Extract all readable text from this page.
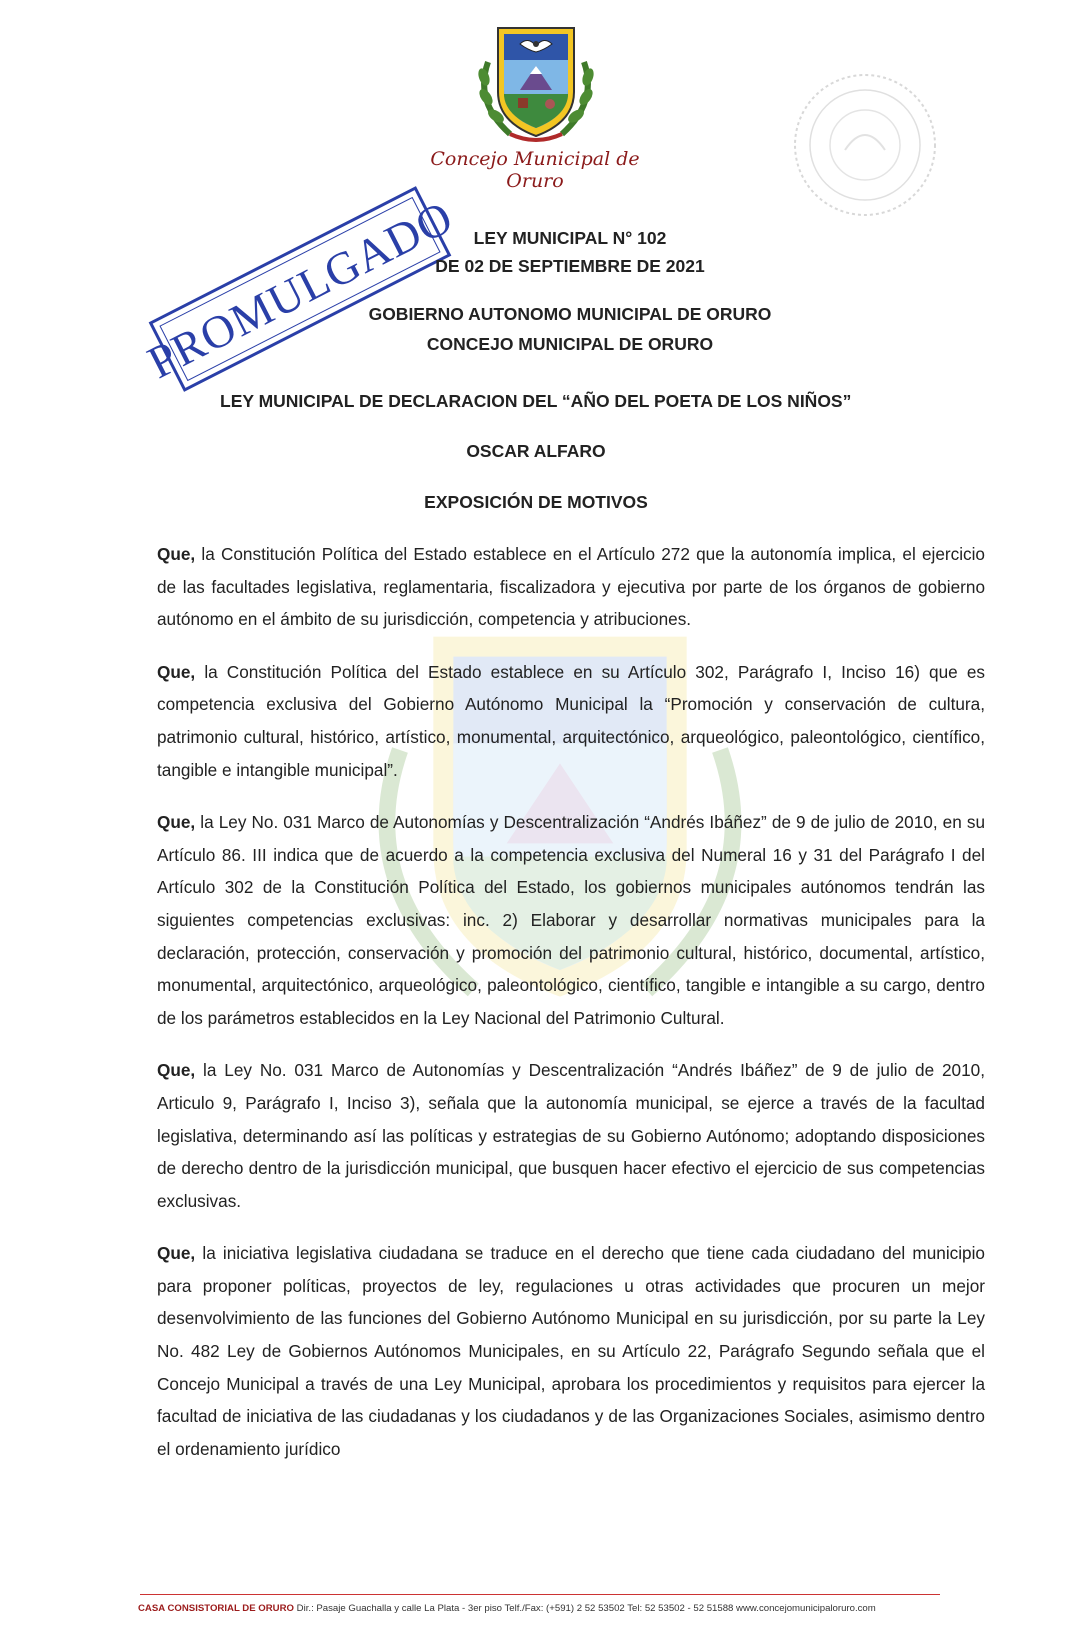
Concejo Municipal de Oruro
PROMULGADO LEY MUNICIPAL N° 102
DE 02 DE SEPTIEMBRE DE 2021
GOBIERNO AUTONOMO MUNICIPAL DE ORURO
CONCEJO MUNICIPAL DE ORURO
LEY MUNICIPAL DE DECLARACION DEL “AÑO DEL POETA DE LOS NIÑOS”
OSCAR ALFARO
EXPOSICIÓN DE MOTIVOS

Que, la Constitución Política del Estado establece en el Artículo 272 que la autonomía implica, el ejercicio de las facultades legislativa, reglamentaria, fiscalizadora y ejecutiva por parte de los órganos de gobierno autónomo en el ámbito de su jurisdicción, competencia y atribuciones.

Que, la Constitución Política del Estado establece en su Artículo 302, Parágrafo I, Inciso 16) que es competencia exclusiva del Gobierno Autónomo Municipal la “Promoción y conservación de cultura, patrimonio cultural, histórico, artístico, monumental, arquitectónico, arqueológico, paleontológico, científico, tangible e intangible municipal”.

Que, la Ley No. 031 Marco de Autonomías y Descentralización “Andrés Ibáñez” de 9 de julio de 2010, en su Artículo 86. III indica que de acuerdo a la competencia exclusiva del Numeral 16 y 31 del Parágrafo I del Artículo 302 de la Constitución Política del Estado, los gobiernos municipales autónomos tendrán las siguientes competencias exclusivas: inc. 2) Elaborar y desarrollar normativas municipales para la declaración, protección, conservación y promoción del patrimonio cultural, histórico, documental, artístico, monumental, arquitectónico, arqueológico, paleontológico, científico, tangible e intangible a su cargo, dentro de los parámetros establecidos en la Ley Nacional del Patrimonio Cultural.

Que, la Ley No. 031 Marco de Autonomías y Descentralización “Andrés Ibáñez” de 9 de julio de 2010, Articulo 9, Parágrafo I, Inciso 3), señala que la autonomía municipal, se ejerce a través de la facultad legislativa, determinando así las políticas y estrategias de su Gobierno Autónomo; adoptando disposiciones de derecho dentro de la jurisdicción municipal, que busquen hacer efectivo el ejercicio de sus competencias exclusivas.

Que, la iniciativa legislativa ciudadana se traduce en el derecho que tiene cada ciudadano del municipio para proponer políticas, proyectos de ley, regulaciones u otras actividades que procuren un mejor desenvolvimiento de las funciones del Gobierno Autónomo Municipal en su jurisdicción, por su parte la Ley No. 482 Ley de Gobiernos Autónomos Municipales, en su Artículo 22, Parágrafo Segundo señala que el Concejo Municipal a través de una Ley Municipal, aprobara los procedimientos y requisitos para ejercer la facultad de iniciativa de las ciudadanas y los ciudadanos y de las Organizaciones Sociales, asimismo dentro el ordenamiento jurídico

CASA CONSISTORIAL DE ORURO Dir.: Pasaje Guachalla y calle La Plata - 3er piso Telf./Fax: (+591) 2 52 53502 Tel: 52 53502 - 52 51588 www.concejomunicipaloruro.com
